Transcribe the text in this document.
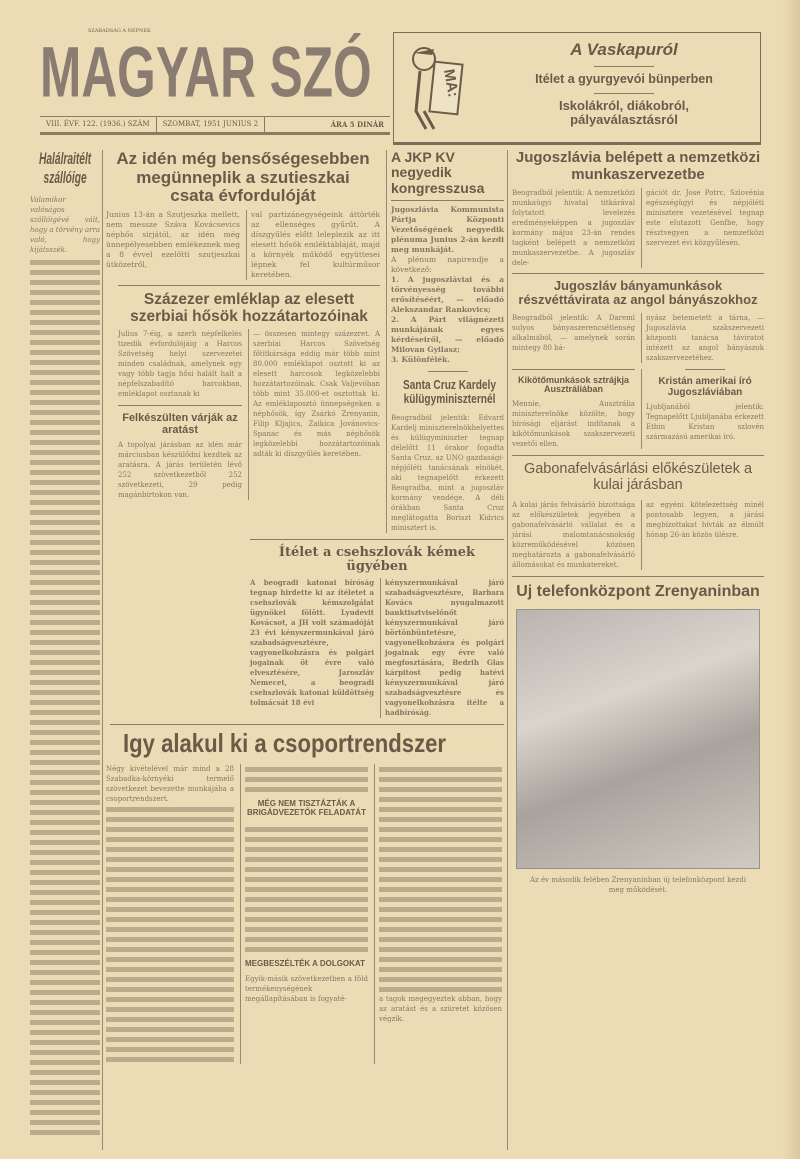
SZABADSÁG A NÉPNEK
MAGYAR SZÓ
VIII. ÉVF. 122. (1936.) SZÁM	SZOMBAT, 1951 JUNIUS 2	ÁRA 5 DINÁR
MA:
A Vaskapuról
Itélet a gyurgyevói bünperben
Iskolákról, diákobról, pályaválasztásról
Halálraitélt szállóige
Valamikor valóságos szállóigévé vált, hogy a törvény arra való, hogy kijátsszék.
Az idén még bensőségesebben megünneplik a szutieszkai csata évfordulóját
Junius 13-án a Szutjeszka mellett, nem messze Száva Kovácsevics néphős sirjától, az idén még ünnepélyesebben emlékeznek meg a 8 évvel ezelőtti szutjeszkai ütközetről,
val partizánegységeink áttörték az ellenséges gyűrűt. A díszgyűlés előtt leleplezik az itt elesett hősök emléktábláját, majd a környék működő együttesei lépnek fel kultúrműsor keretében.
Százezer emléklap az elesett szerbiai hősök hozzátartozóinak
Julius 7-éig, a szerb népfelkelés tizedik évfordulójáig a Harcos Szövetség helyi szervezetei minden családnak, amelynek egy vagy több tagja hősi halált halt a népfelszabadító harcokban, emléklapot osztanak ki
Felkészülten várják az aratást
A topolyai járásban az idén már márciusban készülődni kezdtek az aratásra. A járás területén lévő 252 szövetkezetből 252 szövetkezeti, 29 pedig magánbirtokon van.
— összesen mintegy százezret. A szerbiai Harcos Szövetség főtitkársága eddig már több mint 80.000 emléklapot osztott ki az elesett harcosok legközelebbi hozzátartozóinak. Csak Valjevóban több mint 35.000-et osztottak ki. Az emléklaposztó ünnepségeken a néphősök, így Zsárkó Zrenyanin, Filip Kljajics, Zaikica Jovánovics-Spanac és más néphősök legközelebbi hozzátartozóinak adták ki díszgyűlés keretében.
A JKP KV negyedik kongresszusa
Jugoszlávia Kommunista Pártja Központi Vezetőségének negyedik plénuma Junius 2-án kezdi meg munkáját.
A plénum napirendje a következő:
1. A jugoszláviai és a törvényesség további erősítéséért, — előadó Alekszandar Rankovics;
2. A Párt világnézeti munkájának egyes kérdéseiről, — előadó Milovan Gyilasz;
3. Különfélék.
Santa Cruz Kardely külügyminiszternél
Beogradból jelentik: Edvard Kardelj miniszterelnökhelyettes és külügyminiszter tegnap délelőtt 11 órakor fogadta Santa Cruz, az UNO gazdasági-népjóléti tanácsának elnökét, aki tegnapelőtt érkezett Beogradba, mint a jugoszláv kormány vendége. A déli órákban Santa Cruz meglátogatta Boriszt Kidrics minisztert is.
Ítélet a csehszlovák kémek ügyében
A beogradi katonai bíróság tegnap hirdette ki az ítéletet a csehszlovák kémszolgálat ügynökei fölött. Lyudevit Kovácsot, a JH volt számadóját 23 évi kényszermunkával járó szabadságvesztésre, vagyonelkobzásra és polgári jogainak öt évre való elvesztésére, Jaroszláv Nemecet, a beogradi csehszlovák katonai küldöttség tolmácsát 18 évi
kényszermunkával járó szabadságvesztésre, Barbara Kovács nyugalmazott banktisztviselőnőt kényszermunkával járó börtönbüntetésre, vagyonelkobzásra és polgári jogainak egy évre való megfosztására, Bedrih Glas kárpitost pedig hatévi kényszermunkával járó szabadságvesztésre és vagyonelkobzásra ítélte a hadbíróság.
Igy alakul ki a csoportrendszer
Négy kivételével már mind a 28 Szabadka-környéki termelő szövetkezet bevezette munkájába a csoportrendszert.	MÉG NEM TISZTÁZTÁK A BRIGÁDVEZETŐK FELADATÁT
MEGBESZÉLTÉK A DOLGOKAT
Egyik-másik szövetkezetben a föld termékenységének megállapításában is fogyaté-	a tagok megegyeztek abban, hogy az aratást és a szüretet közösen végzik.
Jugoszlávia belépett a nemzetközi munkaszervezetbe
Beogradból jelentik: A nemzetközi munkaügyi hivatal titkárával folytatott levelezés eredményeképpen a jugoszláv kormány május 23-án rendes tagként belépett a nemzetközi munkaszervezetbe. A jugoszláv dele-
gációt dr. Jose Potrc, Szlovénia egészségügyi és népjóléti minisztere vezetésével tegnap este elutazott Genfbe, hogy résztvegyen a nemzetközi szervezet évi közgyűlésén.
Jugoszláv bányamunkások részvéttávirata az angol bányászokhoz
Beogradból jelentik: A Dareml sulyos bányaszerencsétlenség alkalmából, — amelynek során mintegy 80 bá-
nyász betemetett a tárna, — Jugoszlávia szakszervezeti központi tanácsa táviratot intézett az angol bányászok szakszervezetéhez.
Kikötőmunkások sztrájkja Ausztráliában
Mennie, Ausztrália miniszterelnöke közölte, hogy bírósági eljárást indítanak a kikötőmunkások szakszervezeti vezetői ellen.
Kristán amerikai író Jugoszláviában
Ljubljanából jelentik: Tegnapelőtt Ljubljanába érkezett Etbin Kristan szlovén származású amerikai író.
Gabonafelvásárlási előkészületek a kulai járásban
A kulai járás felvásárló bizottsága az előkészületek jegyében a gabonafelvásárló vállalat és a járási malomtanácsnokság közreműködésével közösen meghatározta a gabonafelvásárló állomásokat és munkatereket.
az egyéni kötelezettség minél pontosabb legyen, a járási megbízottakat hívták az élmúlt hónap 26-án közös ülésre.
Uj telefonközpont Zrenyaninban
Az év második felében Zrenyaninban új telefonközpont kezdi meg működését.
